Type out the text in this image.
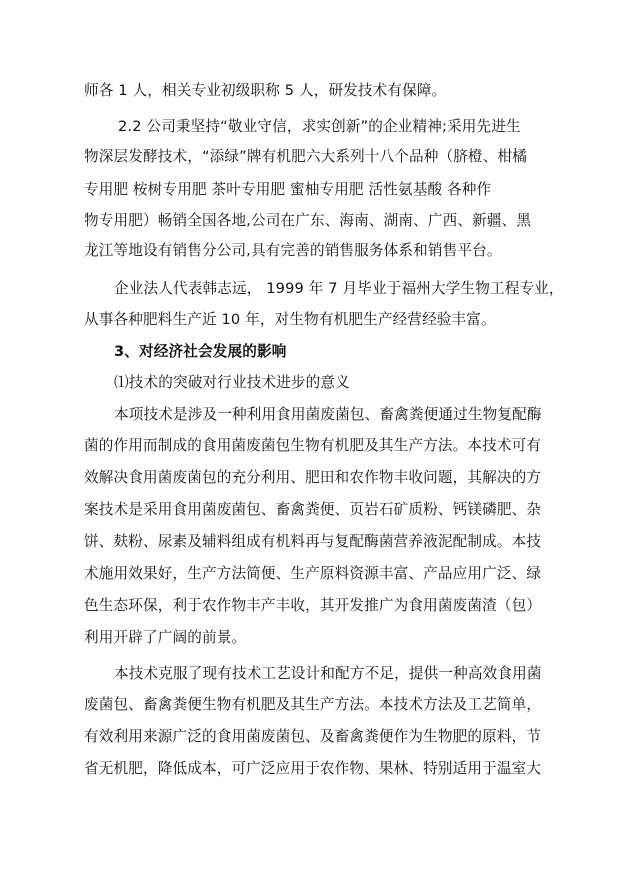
师各 1 人，相关专业初级职称 5 人，研发技术有保障。
2.2 公司秉坚持“敬业守信，求实创新”的企业精神;采用先进生
物深层发酵技术，“添绿”牌有机肥六大系列十八个品种（脐橙、柑橘
专用肥 桉树专用肥 茶叶专用肥 蜜柚专用肥 活性氨基酸 各种作
物专用肥）畅销全国各地,公司在广东、海南、湖南、广西、新疆、黑
龙江等地设有销售分公司,具有完善的销售服务体系和销售平台。
企业法人代表韩志远， 1999 年 7 月毕业于福州大学生物工程专业，
从事各种肥料生产近 10 年，对生物有机肥生产经营经验丰富。
3、对经济社会发展的影响
⑴技术的突破对行业技术进步的意义
本项技术是涉及一种利用食用菌废菌包、畜禽粪便通过生物复配酶
菌的作用而制成的食用菌废菌包生物有机肥及其生产方法。本技术可有
效解决食用菌废菌包的充分利用、肥田和农作物丰收问题，其解决的方
案技术是采用食用菌废菌包、畜禽粪便、页岩石矿质粉、钙镁磷肥、杂
饼、麸粉、尿素及辅料组成有机料再与复配酶菌营养液泥配制成。本技
术施用效果好，生产方法简便、生产原料资源丰富、产品应用广泛、绿
色生态环保，利于农作物丰产丰收，其开发推广为食用菌废菌渣（包）
利用开辟了广阔的前景。
本技术克服了现有技术工艺设计和配方不足，提供一种高效食用菌
废菌包、畜禽粪便生物有机肥及其生产方法。本技术方法及工艺简单，
有效利用来源广泛的食用菌废菌包、及畜禽粪便作为生物肥的原料，节
省无机肥，降低成本，可广泛应用于农作物、果林、特别适用于温室大
